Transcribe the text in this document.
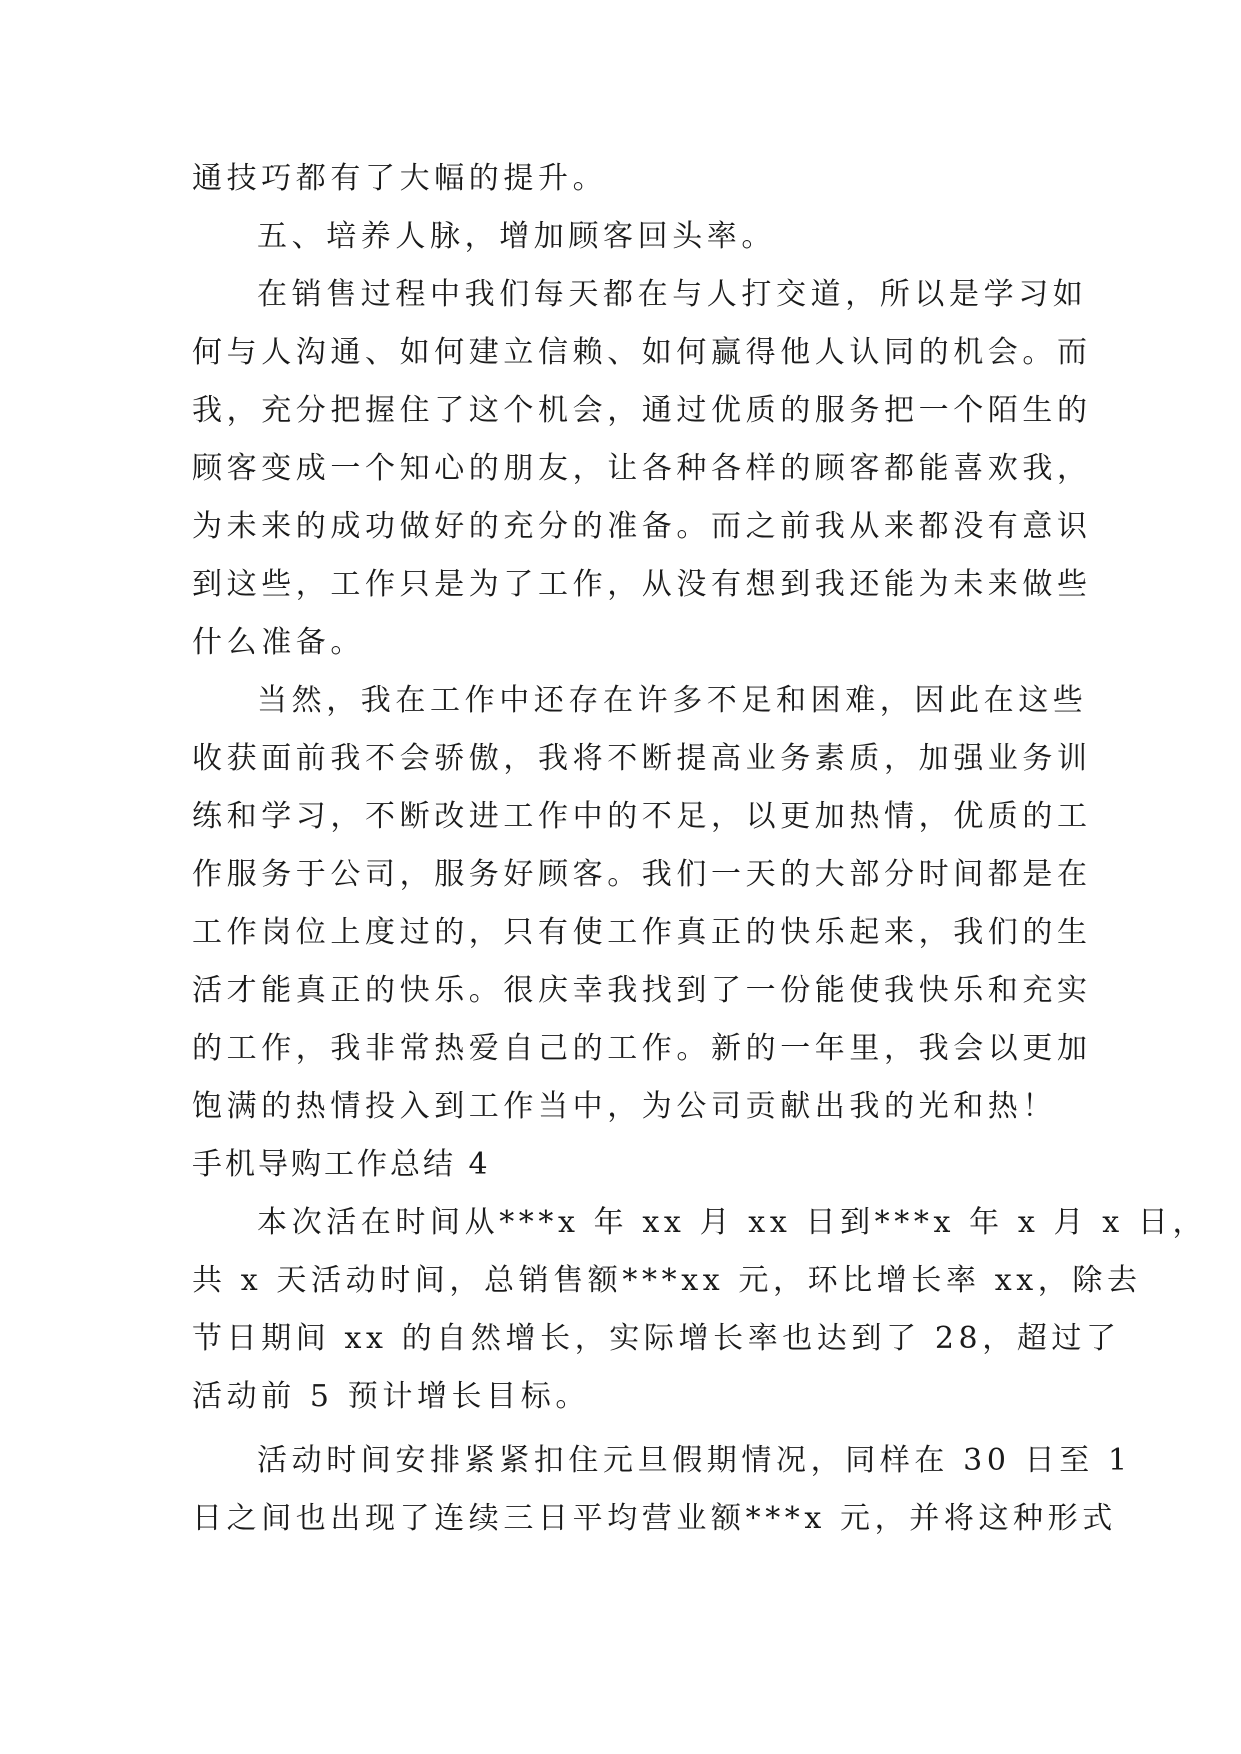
通技巧都有了大幅的提升。
五、培养人脉，增加顾客回头率。
在销售过程中我们每天都在与人打交道，所以是学习如
何与人沟通、如何建立信赖、如何赢得他人认同的机会。而
我，充分把握住了这个机会，通过优质的服务把一个陌生的
顾客变成一个知心的朋友，让各种各样的顾客都能喜欢我，
为未来的成功做好的充分的准备。而之前我从来都没有意识
到这些，工作只是为了工作，从没有想到我还能为未来做些
什么准备。
当然，我在工作中还存在许多不足和困难，因此在这些
收获面前我不会骄傲，我将不断提高业务素质，加强业务训
练和学习，不断改进工作中的不足，以更加热情，优质的工
作服务于公司，服务好顾客。我们一天的大部分时间都是在
工作岗位上度过的，只有使工作真正的快乐起来，我们的生
活才能真正的快乐。很庆幸我找到了一份能使我快乐和充实
的工作，我非常热爱自己的工作。新的一年里，我会以更加
饱满的热情投入到工作当中，为公司贡献出我的光和热！
手机导购工作总结 4
本次活在时间从***x 年 xx 月 xx 日到***x 年 x 月 x 日，
共 x 天活动时间，总销售额***xx 元，环比增长率 xx，除去
节日期间 xx 的自然增长，实际增长率也达到了 28，超过了
活动前 5 预计增长目标。
活动时间安排紧紧扣住元旦假期情况，同样在 30 日至 1
日之间也出现了连续三日平均营业额***x 元，并将这种形式
